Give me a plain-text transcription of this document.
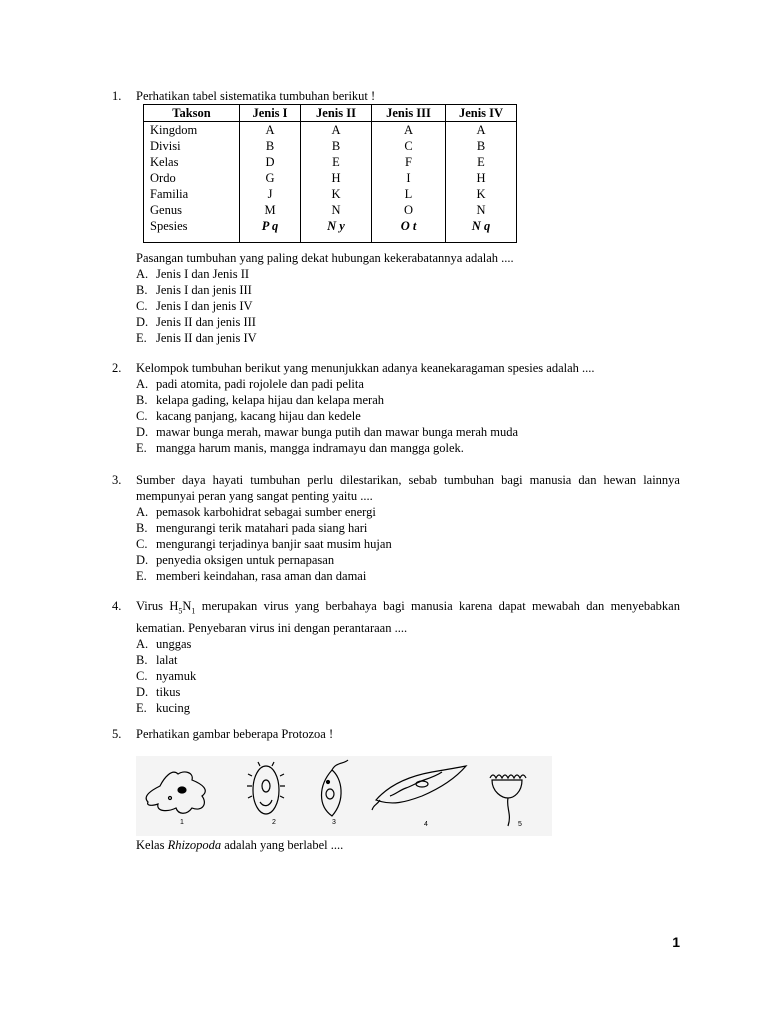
1.	Perhatikan tabel sistematika tumbuhan berikut !
Takson	Jenis I	Jenis II	Jenis III	Jenis IV
Kingdom	A	A	A	A
Divisi	B	B	C	B
Kelas	D	E	F	E
Ordo	G	H	I	H
Familia	J	K	L	K
Genus	M	N	O	N
Spesies	P q	N y	O t	N q
Pasangan tumbuhan yang paling dekat hubungan kekerabatannya adalah ....
A. Jenis I dan Jenis II
B. Jenis I dan jenis III
C. Jenis I dan jenis IV
D. Jenis II dan jenis III
E. Jenis II dan jenis IV
2.	Kelompok tumbuhan berikut yang menunjukkan adanya keanekaragaman spesies adalah ....
A. padi atomita, padi rojolele dan padi pelita
B. kelapa gading, kelapa hijau dan kelapa merah
C. kacang panjang, kacang hijau dan kedele
D. mawar bunga merah, mawar bunga putih dan mawar bunga merah muda
E. mangga harum manis, mangga indramayu dan mangga golek.
3.	Sumber daya hayati tumbuhan perlu dilestarikan, sebab tumbuhan bagi manusia dan hewan lainnya mempunyai peran yang sangat penting yaitu ....
A. pemasok karbohidrat sebagai sumber energi
B. mengurangi terik matahari pada siang hari
C. mengurangi terjadinya banjir saat musim hujan
D. penyedia oksigen untuk pernapasan
E. memberi keindahan, rasa aman dan damai
4.	Virus $H_5N_1$ merupakan virus yang berbahaya bagi manusia karena dapat mewabah dan menyebabkan kematian. Penyebaran virus ini dengan perantaraan ....
A. unggas
B. lalat
C. nyamuk
D. tikus
E. kucing
5.	Perhatikan gambar beberapa Protozoa !
1	2	3	4	5
Kelas Rhizopoda adalah yang berlabel ....
1
